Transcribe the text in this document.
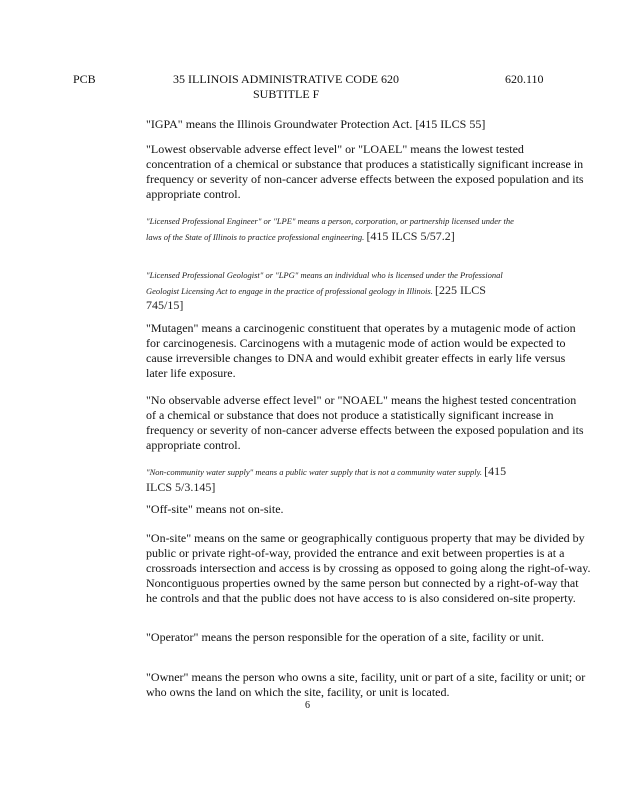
PCB	35 ILLINOIS ADMINISTRATIVE CODE 620
SUBTITLE F
620.110
"IGPA" means the Illinois Groundwater Protection Act. [415 ILCS 55]
"Lowest observable adverse effect level" or "LOAEL" means the lowest tested concentration of a chemical or substance that produces a statistically significant increase in frequency or severity of non-cancer adverse effects between the exposed population and its appropriate control.
"Licensed Professional Engineer" or "LPE" means a person, corporation, or partnership licensed under the laws of the State of Illinois to practice professional engineering. [415 ILCS 5/57.2]
"Licensed Professional Geologist" or "LPG" means an individual who is licensed under the Professional Geologist Licensing Act to engage in the practice of professional geology in Illinois. [225 ILCS 745/15]
"Mutagen" means a carcinogenic constituent that operates by a mutagenic mode of action for carcinogenesis. Carcinogens with a mutagenic mode of action would be expected to cause irreversible changes to DNA and would exhibit greater effects in early life versus later life exposure.
"No observable adverse effect level" or "NOAEL" means the highest tested concentration of a chemical or substance that does not produce a statistically significant increase in frequency or severity of non-cancer adverse effects between the exposed population and its appropriate control.
"Non-community water supply" means a public water supply that is not a community water supply. [415 ILCS 5/3.145]
"Off-site" means not on-site.
"On-site" means on the same or geographically contiguous property that may be divided by public or private right-of-way, provided the entrance and exit between properties is at a crossroads intersection and access is by crossing as opposed to going along the right-of-way. Noncontiguous properties owned by the same person but connected by a right-of-way that he controls and that the public does not have access to is also considered on-site property.
"Operator" means the person responsible for the operation of a site, facility or unit.
"Owner" means the person who owns a site, facility, unit or part of a site, facility or unit; or who owns the land on which the site, facility, or unit is located.
6
